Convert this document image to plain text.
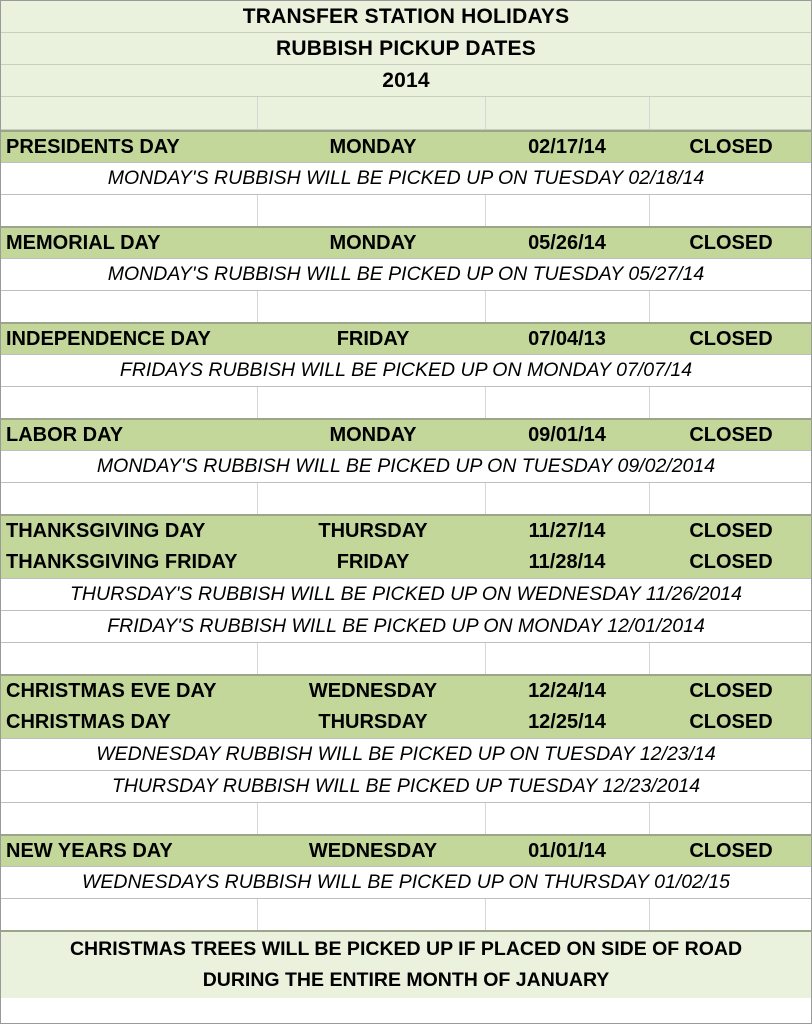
TRANSFER STATION HOLIDAYS
RUBBISH PICKUP DATES
2014
PRESIDENTS DAY	MONDAY	02/17/14	CLOSED
MONDAY'S RUBBISH WILL BE PICKED UP ON TUESDAY 02/18/14
MEMORIAL DAY	MONDAY	05/26/14	CLOSED
MONDAY'S RUBBISH WILL BE PICKED UP ON TUESDAY 05/27/14
INDEPENDENCE DAY	FRIDAY	07/04/13	CLOSED
FRIDAYS RUBBISH WILL BE PICKED UP ON MONDAY 07/07/14
LABOR DAY	MONDAY	09/01/14	CLOSED
MONDAY'S RUBBISH WILL BE PICKED UP ON TUESDAY 09/02/2014
THANKSGIVING DAY	THURSDAY	11/27/14	CLOSED
THANKSGIVING FRIDAY	FRIDAY	11/28/14	CLOSED
THURSDAY'S RUBBISH WILL BE PICKED UP ON WEDNESDAY 11/26/2014
FRIDAY'S RUBBISH WILL BE PICKED UP ON MONDAY 12/01/2014
CHRISTMAS EVE DAY	WEDNESDAY	12/24/14	CLOSED
CHRISTMAS DAY	THURSDAY	12/25/14	CLOSED
WEDNESDAY RUBBISH WILL BE PICKED UP ON TUESDAY 12/23/14
THURSDAY RUBBISH WILL BE PICKED UP TUESDAY 12/23/2014
NEW YEARS DAY	WEDNESDAY	01/01/14	CLOSED
WEDNESDAYS RUBBISH WILL BE PICKED UP ON THURSDAY 01/02/15
CHRISTMAS TREES WILL BE PICKED UP IF PLACED ON SIDE OF ROAD
DURING THE ENTIRE MONTH OF JANUARY
